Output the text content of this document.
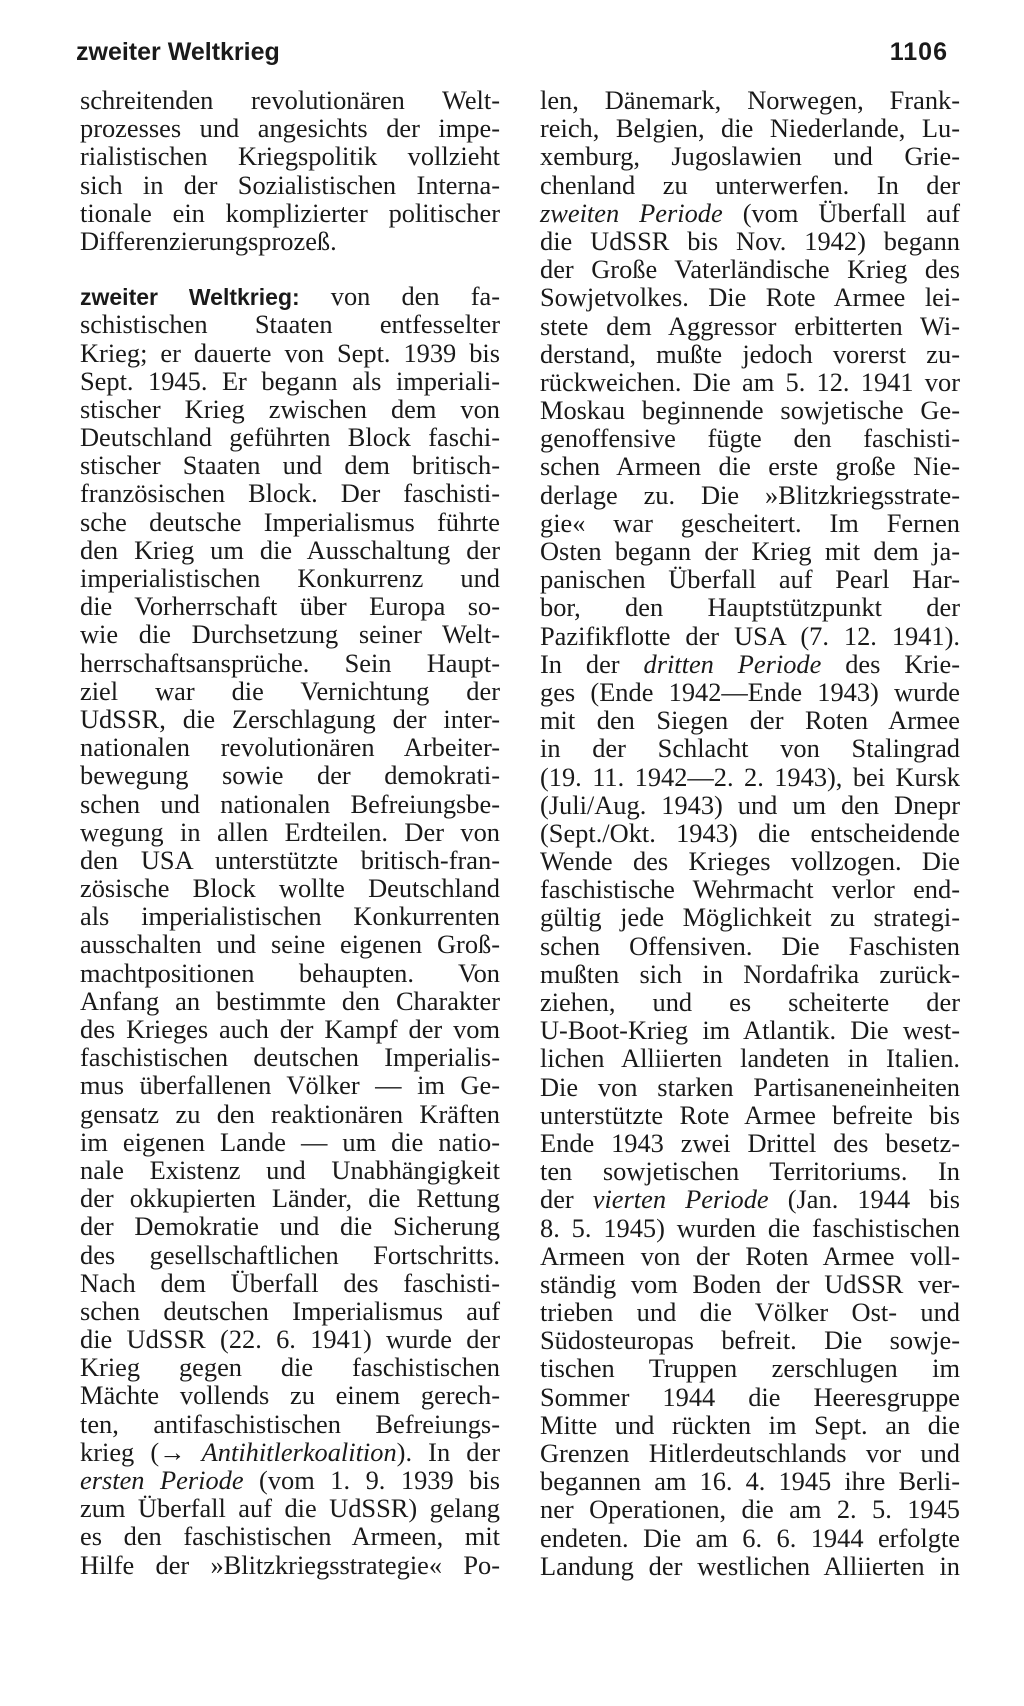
zweiter Weltkrieg	1106
schreitenden revolutionären Welt-
prozesses und angesichts der impe-
rialistischen Kriegspolitik vollzieht
sich in der Sozialistischen Interna-
tionale ein komplizierter politischer
Differenzierungsprozeß.
zweiter Weltkrieg: von den fa-
schistischen Staaten entfesselter
Krieg; er dauerte von Sept. 1939 bis
Sept. 1945. Er begann als imperiali-
stischer Krieg zwischen dem von
Deutschland geführten Block faschi-
stischer Staaten und dem britisch-
französischen Block. Der faschisti-
sche deutsche Imperialismus führte
den Krieg um die Ausschaltung der
imperialistischen Konkurrenz und
die Vorherrschaft über Europa so-
wie die Durchsetzung seiner Welt-
herrschaftsansprüche. Sein Haupt-
ziel war die Vernichtung der
UdSSR, die Zerschlagung der inter-
nationalen revolutionären Arbeiter-
bewegung sowie der demokrati-
schen und nationalen Befreiungsbe-
wegung in allen Erdteilen. Der von
den USA unterstützte britisch-fran-
zösische Block wollte Deutschland
als imperialistischen Konkurrenten
ausschalten und seine eigenen Groß-
machtpositionen behaupten. Von
Anfang an bestimmte den Charakter
des Krieges auch der Kampf der vom
faschistischen deutschen Imperialis-
mus überfallenen Völker — im Ge-
gensatz zu den reaktionären Kräften
im eigenen Lande — um die natio-
nale Existenz und Unabhängigkeit
der okkupierten Länder, die Rettung
der Demokratie und die Sicherung
des gesellschaftlichen Fortschritts.
Nach dem Überfall des faschisti-
schen deutschen Imperialismus auf
die UdSSR (22. 6. 1941) wurde der
Krieg gegen die faschistischen
Mächte vollends zu einem gerech-
ten, antifaschistischen Befreiungs-
krieg (→ Antihitlerkoalition). In der
ersten Periode (vom 1. 9. 1939 bis
zum Überfall auf die UdSSR) gelang
es den faschistischen Armeen, mit
Hilfe der »Blitzkriegsstrategie« Po-
len, Dänemark, Norwegen, Frank-
reich, Belgien, die Niederlande, Lu-
xemburg, Jugoslawien und Grie-
chenland zu unterwerfen. In der
zweiten Periode (vom Überfall auf
die UdSSR bis Nov. 1942) begann
der Große Vaterländische Krieg des
Sowjetvolkes. Die Rote Armee lei-
stete dem Aggressor erbitterten Wi-
derstand, mußte jedoch vorerst zu-
rückweichen. Die am 5. 12. 1941 vor
Moskau beginnende sowjetische Ge-
genoffensive fügte den faschisti-
schen Armeen die erste große Nie-
derlage zu. Die »Blitzkriegsstrate-
gie« war gescheitert. Im Fernen
Osten begann der Krieg mit dem ja-
panischen Überfall auf Pearl Har-
bor, den Hauptstützpunkt der
Pazifikflotte der USA (7. 12. 1941).
In der dritten Periode des Krie-
ges (Ende 1942—Ende 1943) wurde
mit den Siegen der Roten Armee
in der Schlacht von Stalingrad
(19. 11. 1942—2. 2. 1943), bei Kursk
(Juli/Aug. 1943) und um den Dnepr
(Sept./Okt. 1943) die entscheidende
Wende des Krieges vollzogen. Die
faschistische Wehrmacht verlor end-
gültig jede Möglichkeit zu strategi-
schen Offensiven. Die Faschisten
mußten sich in Nordafrika zurück-
ziehen, und es scheiterte der
U-Boot-Krieg im Atlantik. Die west-
lichen Alliierten landeten in Italien.
Die von starken Partisaneneinheiten
unterstützte Rote Armee befreite bis
Ende 1943 zwei Drittel des besetz-
ten sowjetischen Territoriums. In
der vierten Periode (Jan. 1944 bis
8. 5. 1945) wurden die faschistischen
Armeen von der Roten Armee voll-
ständig vom Boden der UdSSR ver-
trieben und die Völker Ost- und
Südosteuropas befreit. Die sowje-
tischen Truppen zerschlugen im
Sommer 1944 die Heeresgruppe
Mitte und rückten im Sept. an die
Grenzen Hitlerdeutschlands vor und
begannen am 16. 4. 1945 ihre Berli-
ner Operationen, die am 2. 5. 1945
endeten. Die am 6. 6. 1944 erfolgte
Landung der westlichen Alliierten in
